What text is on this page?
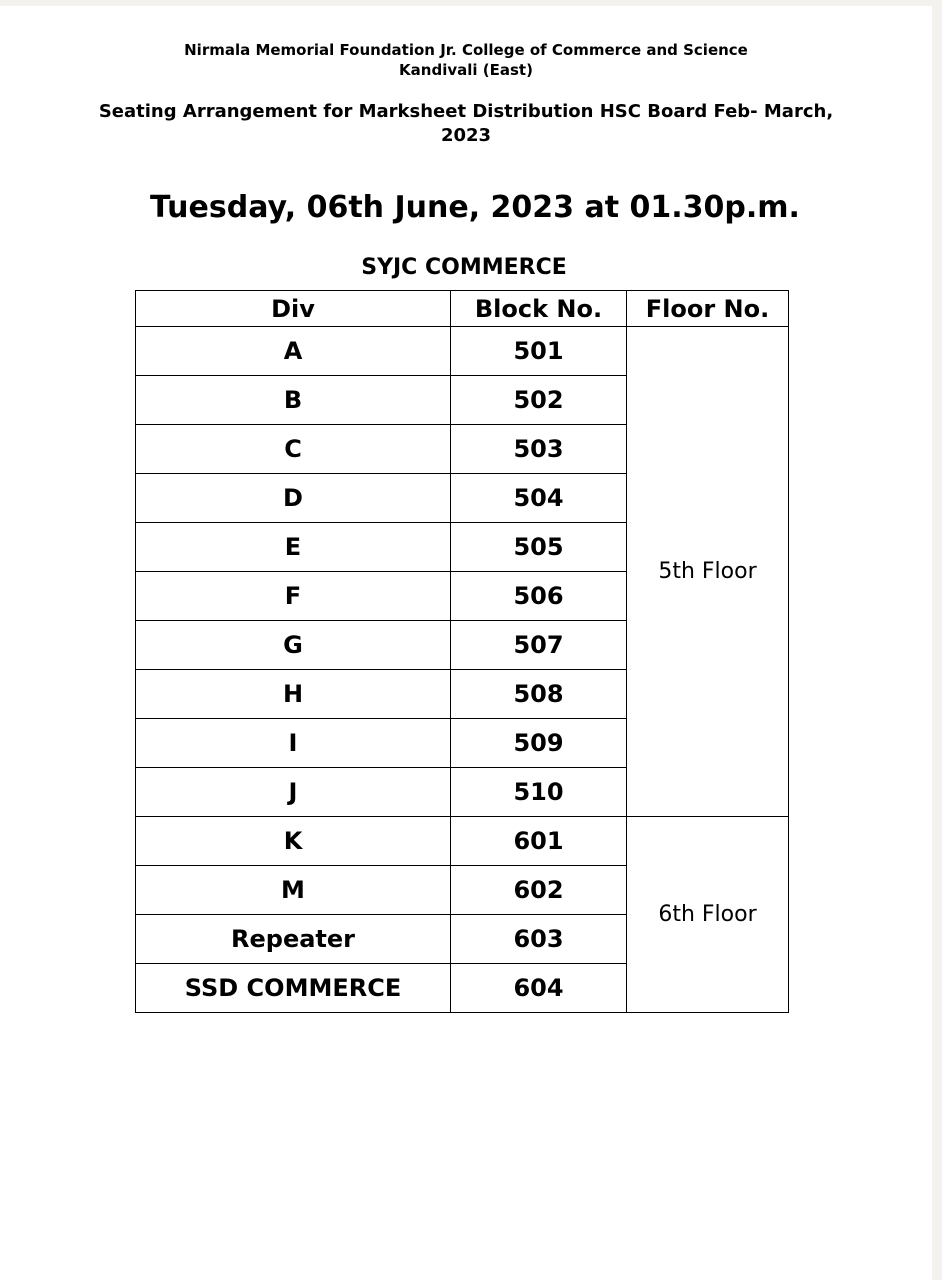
Nirmala Memorial Foundation Jr. College of Commerce and Science
Kandivali (East)
Seating Arrangement for Marksheet Distribution HSC Board Feb- March,
2023
Tuesday, 06th June, 2023 at 01.30p.m.
SYJC COMMERCE
Div	Block No.	Floor No.
A	501	5th Floor
B	502	
C	503	
D	504	
E	505	
F	506	
G	507	
H	508	
I	509	
J	510	
K	601	6th Floor
M	602	
Repeater	603	
SSD COMMERCE	604	
